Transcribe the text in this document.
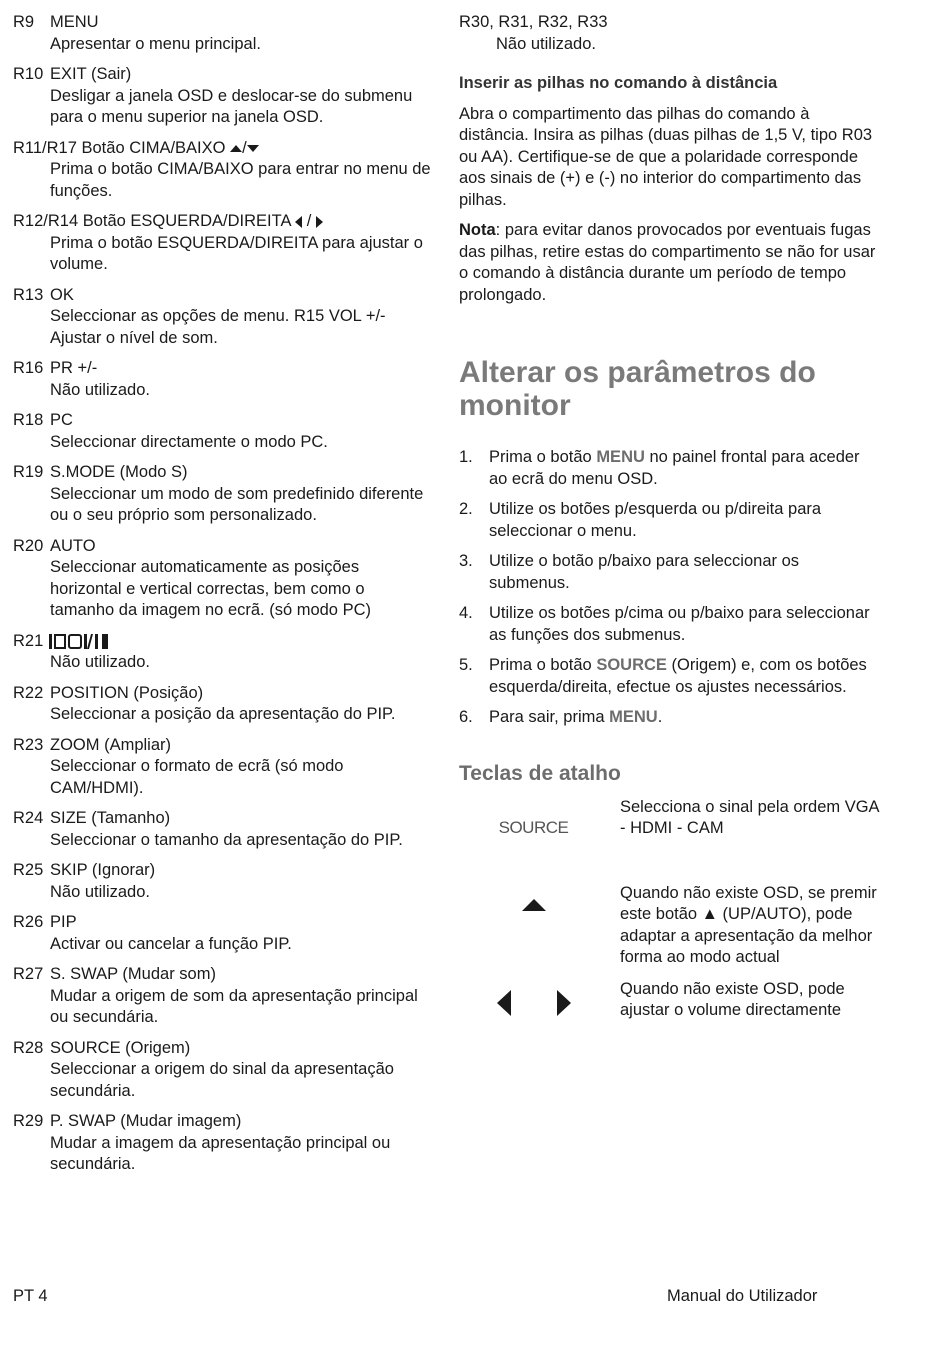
R9 MENU
Apresentar o menu principal.
R10 EXIT (Sair)
Desligar a janela OSD e deslocar-se do submenu para o menu superior na janela OSD.
R11/R17 Botão CIMA/BAIXO /
Prima o botão CIMA/BAIXO para entrar no menu de funções.
R12/R14 Botão ESQUERDA/DIREITA  /
Prima o botão ESQUERDA/DIREITA para ajustar o volume.
R13 OK
Seleccionar as opções de menu. R15 VOL +/- Ajustar o nível de som.
R16 PR +/-
Não utilizado.
R18 PC
Seleccionar directamente o modo PC.
R19 S.MODE (Modo S)
Seleccionar um modo de som predefinido diferente ou o seu próprio som personalizado.
R20 AUTO
Seleccionar automaticamente as posições horizontal e vertical correctas, bem como o tamanho da imagem no ecrã. (só modo PC)
R21
Não utilizado.
R22 POSITION (Posição)
Seleccionar a posição da apresentação do PIP.
R23 ZOOM (Ampliar)
Seleccionar o formato de ecrã (só modo CAM/HDMI).
R24 SIZE (Tamanho)
Seleccionar o tamanho da apresentação do PIP.
R25 SKIP (Ignorar)
Não utilizado.
R26 PIP
Activar ou cancelar a função PIP.
R27 S. SWAP (Mudar som)
Mudar a origem de som da apresentação principal ou secundária.
R28 SOURCE (Origem)
Seleccionar a origem do sinal da apresentação secundária.
R29 P. SWAP (Mudar imagem)
Mudar a imagem da apresentação principal ou secundária.
R30, R31, R32, R33
Não utilizado.
Inserir as pilhas no comando à distância

Abra o compartimento das pilhas do comando à distância. Insira as pilhas (duas pilhas de 1,5 V, tipo R03 ou AA). Certifique-se de que a polaridade corresponde aos sinais de (+) e (-) no interior do compartimento das pilhas.

Nota: para evitar danos provocados por eventuais fugas das pilhas, retire estas do compartimento se não for usar o comando à distância durante um período de tempo prolongado.

Alterar os parâmetros do monitor
1. Prima o botão MENU no painel frontal para aceder ao ecrã do menu OSD.
2. Utilize os botões p/esquerda ou p/direita para seleccionar o menu.
3. Utilize o botão p/baixo para seleccionar os submenus.
4. Utilize os botões p/cima ou p/baixo para seleccionar as funções dos submenus.
5. Prima o botão SOURCE (Origem) e, com os botões esquerda/direita, efectue os ajustes necessários.
6. Para sair, prima MENU.
Teclas de atalho
SOURCE
Selecciona o sinal pela ordem VGA - HDMI - CAM
Quando não existe OSD, se premir este botão ▲ (UP/AUTO), pode adaptar a apresentação da melhor forma ao modo actual
Quando não existe OSD, pode ajustar o volume directamente
PT 4	Manual do Utilizador
